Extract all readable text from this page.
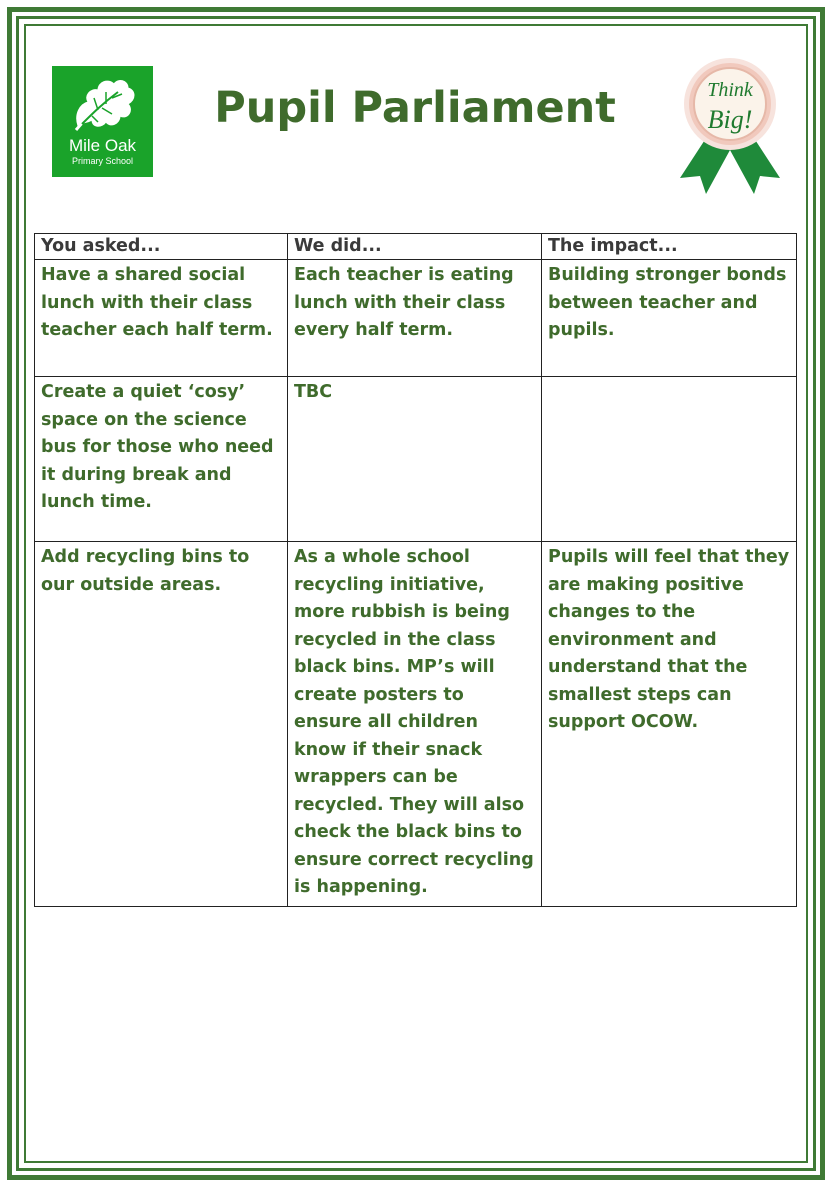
Mile Oak
Primary School
Pupil Parliament	Think
Big!
You asked...	We did...	The impact...
Have a shared social lunch with their class teacher each half term.	Each teacher is eating lunch with their class every half term.	Building stronger bonds between teacher and pupils.
Create a quiet ‘cosy’ space on the science bus for those who need it during break and lunch time.	TBC	
Add recycling bins to our outside areas.	As a whole school recycling initiative, more rubbish is being recycled in the class black bins. MP’s will create posters to ensure all children know if their snack wrappers can be recycled. They will also check the black bins to ensure correct recycling is happening.	Pupils will feel that they are making positive changes to the environment and understand that the smallest steps can support OCOW.
